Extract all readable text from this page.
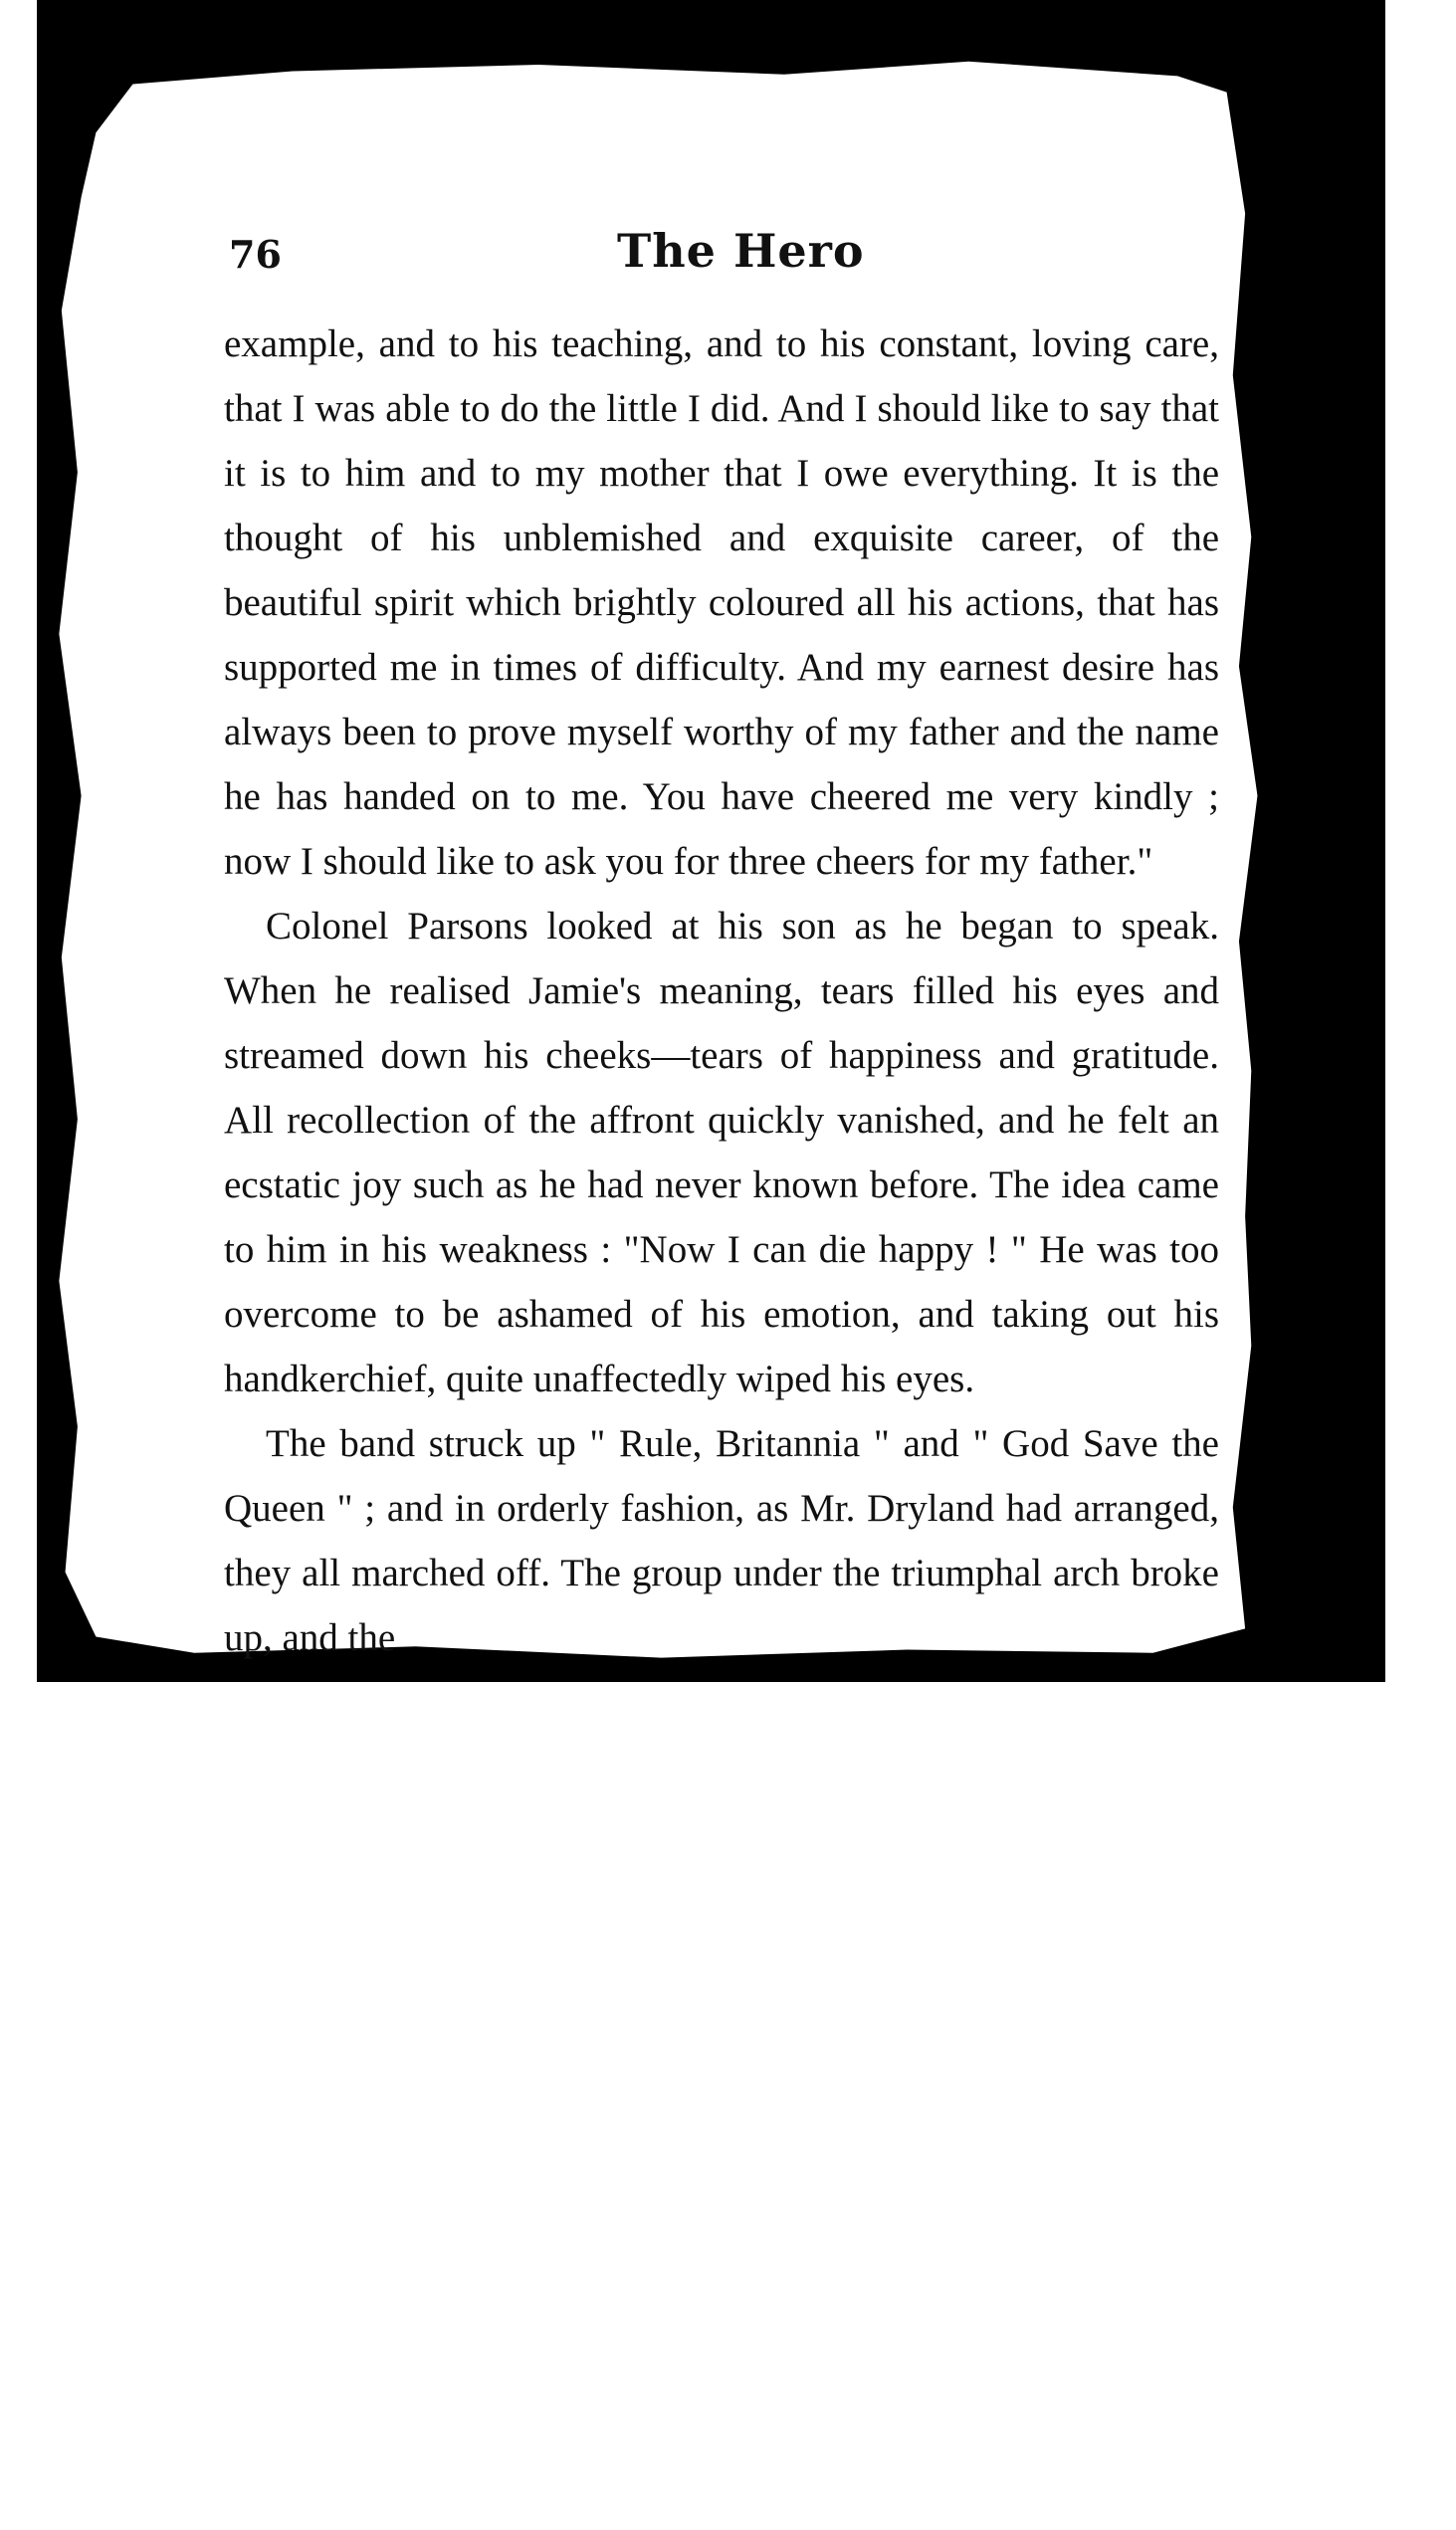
76	The Hero

example, and to his teaching, and to his constant, loving care, that I was able to do the little I did. And I should like to say that it is to him and to my mother that I owe everything. It is the thought of his unblemished and exquisite career, of the beautiful spirit which brightly coloured all his actions, that has supported me in times of difficulty. And my earnest desire has always been to prove myself worthy of my father and the name he has handed on to me. You have cheered me very kindly ; now I should like to ask you for three cheers for my father."

Colonel Parsons looked at his son as he began to speak. When he realised Jamie's meaning, tears filled his eyes and streamed down his cheeks—tears of happiness and gratitude. All recollection of the affront quickly vanished, and he felt an ecstatic joy such as he had never known before. The idea came to him in his weakness : "Now I can die happy ! " He was too overcome to be ashamed of his emotion, and taking out his handkerchief, quite unaffectedly wiped his eyes.

The band struck up " Rule, Britannia " and " God Save the Queen " ; and in orderly fashion, as Mr. Dryland had arranged, they all marched off. The group under the triumphal arch broke up, and the
